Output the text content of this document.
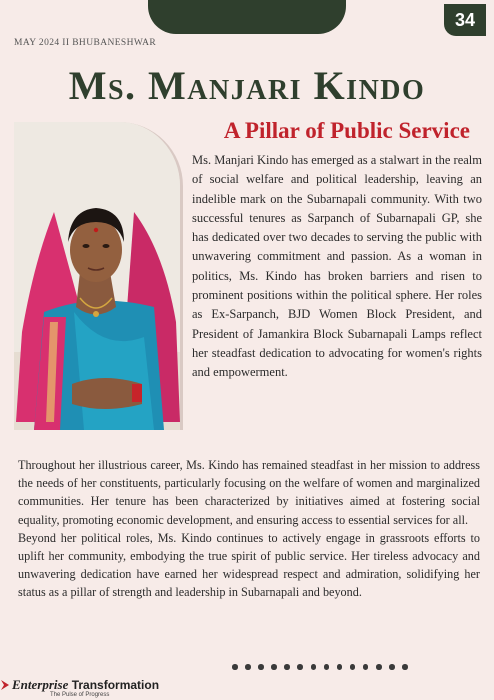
34
MAY 2024 II BHUBANESHWAR
Ms. Manjari Kindo
A Pillar of Public Service

Ms. Manjari Kindo has emerged as a stalwart in the realm of social welfare and political leadership, leaving an indelible mark on the Subarnapali community. With two successful tenures as Sarpanch of Subarnapali GP, she has dedicated over two decades to serving the public with unwavering commitment and passion. As a woman in politics, Ms. Kindo has broken barriers and risen to prominent positions within the political sphere. Her roles as Ex-Sarpanch, BJD Women Block President, and President of Jamankira Block Subarnapali Lamps reflect her steadfast dedication to advocating for women's rights and empowerment.

Throughout her illustrious career, Ms. Kindo has remained steadfast in her mission to address the needs of her constituents, particularly focusing on the welfare of women and marginalized communities. Her tenure has been characterized by initiatives aimed at fostering social equality, promoting economic development, and ensuring access to essential services for all.

Beyond her political roles, Ms. Kindo continues to actively engage in grassroots efforts to uplift her community, embodying the true spirit of public service. Her tireless advocacy and unwavering dedication have earned her widespread respect and admiration, solidifying her status as a pillar of strength and leadership in Subarnapali and beyond.

Enterprise Transformation
The Pulse of Progress
